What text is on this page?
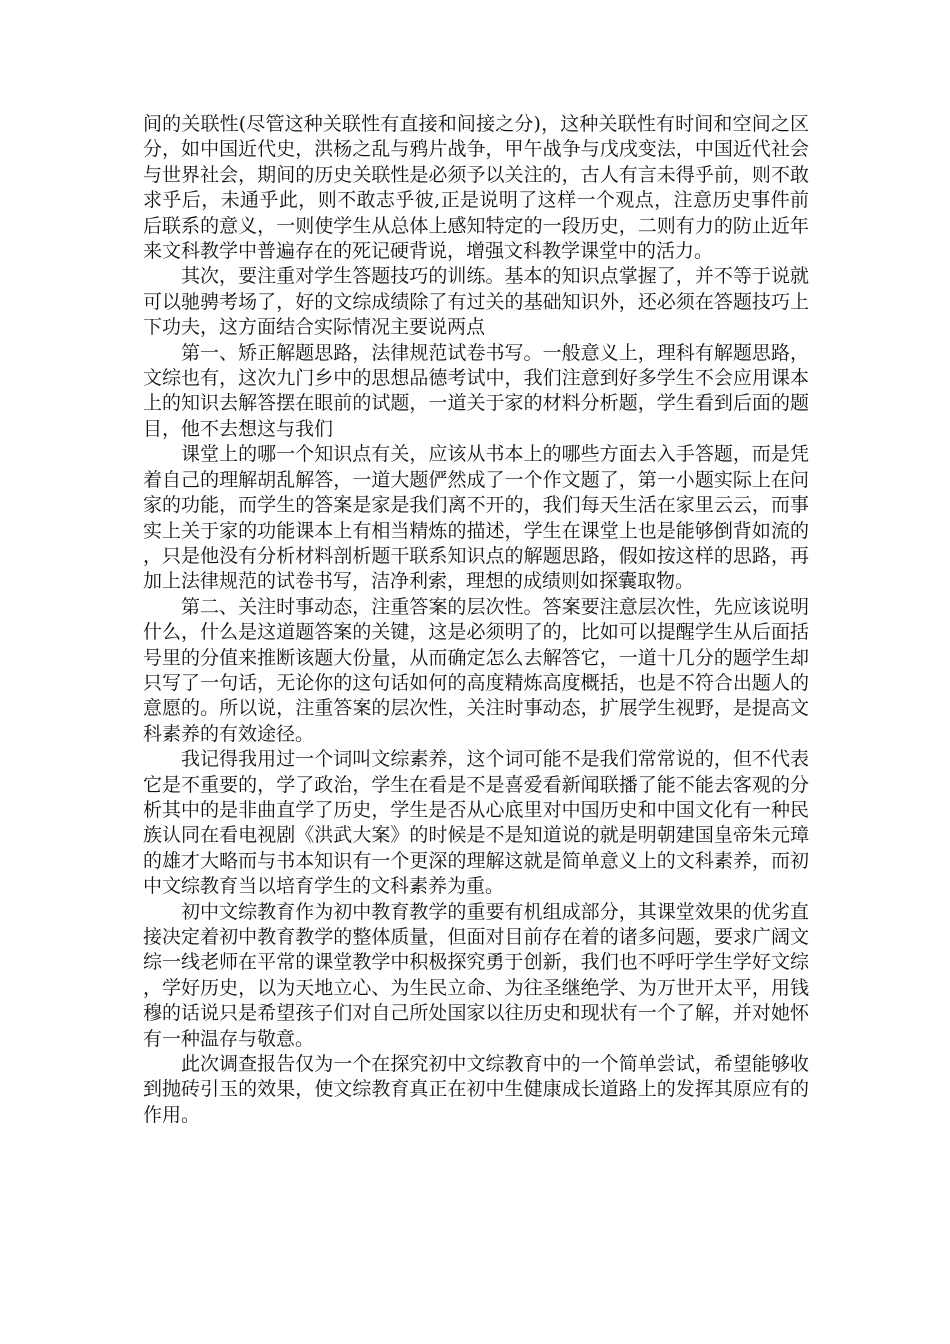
间的关联性(尽管这种关联性有直接和间接之分)，这种关联性有时间和空间之区分，如中国近代史，洪杨之乱与鸦片战争，甲午战争与戊戌变法，中国近代社会与世界社会，期间的历史关联性是必须予以关注的，古人有言未得乎前，则不敢求乎后，未通乎此，则不敢志乎彼,正是说明了这样一个观点，注意历史事件前后联系的意义，一则使学生从总体上感知特定的一段历史，二则有力的防止近年来文科教学中普遍存在的死记硬背说，增强文科教学课堂中的活力。

其次，要注重对学生答题技巧的训练。基本的知识点掌握了，并不等于说就可以驰骋考场了，好的文综成绩除了有过关的基础知识外，还必须在答题技巧上下功夫，这方面结合实际情况主要说两点

第一、矫正解题思路，法律规范试卷书写。一般意义上，理科有解题思路，文综也有，这次九门乡中的思想品德考试中，我们注意到好多学生不会应用课本上的知识去解答摆在眼前的试题，一道关于家的材料分析题，学生看到后面的题目，他不去想这与我们

课堂上的哪一个知识点有关，应该从书本上的哪些方面去入手答题，而是凭着自己的理解胡乱解答，一道大题俨然成了一个作文题了，第一小题实际上在问家的功能，而学生的答案是家是我们离不开的，我们每天生活在家里云云，而事实上关于家的功能课本上有相当精炼的描述，学生在课堂上也是能够倒背如流的，只是他没有分析材料剖析题干联系知识点的解题思路，假如按这样的思路，再加上法律规范的试卷书写，洁净利索，理想的成绩则如探囊取物。

第二、关注时事动态，注重答案的层次性。答案要注意层次性，先应该说明什么，什么是这道题答案的关键，这是必须明了的，比如可以提醒学生从后面括号里的分值来推断该题大份量，从而确定怎么去解答它，一道十几分的题学生却只写了一句话，无论你的这句话如何的高度精炼高度概括，也是不符合出题人的意愿的。所以说，注重答案的层次性，关注时事动态，扩展学生视野，是提高文科素养的有效途径。

我记得我用过一个词叫文综素养，这个词可能不是我们常常说的，但不代表它是不重要的，学了政治，学生在看是不是喜爱看新闻联播了能不能去客观的分析其中的是非曲直学了历史，学生是否从心底里对中国历史和中国文化有一种民族认同在看电视剧《洪武大案》的时候是不是知道说的就是明朝建国皇帝朱元璋的雄才大略而与书本知识有一个更深的理解这就是简单意义上的文科素养，而初中文综教育当以培育学生的文科素养为重。

初中文综教育作为初中教育教学的重要有机组成部分，其课堂效果的优劣直接决定着初中教育教学的整体质量，但面对目前存在着的诸多问题，要求广阔文综一线老师在平常的课堂教学中积极探究勇于创新，我们也不呼吁学生学好文综，学好历史，以为天地立心、为生民立命、为往圣继绝学、为万世开太平，用钱穆的话说只是希望孩子们对自己所处国家以往历史和现状有一个了解，并对她怀有一种温存与敬意。

此次调查报告仅为一个在探究初中文综教育中的一个简单尝试，希望能够收到抛砖引玉的效果，使文综教育真正在初中生健康成长道路上的发挥其原应有的作用。
